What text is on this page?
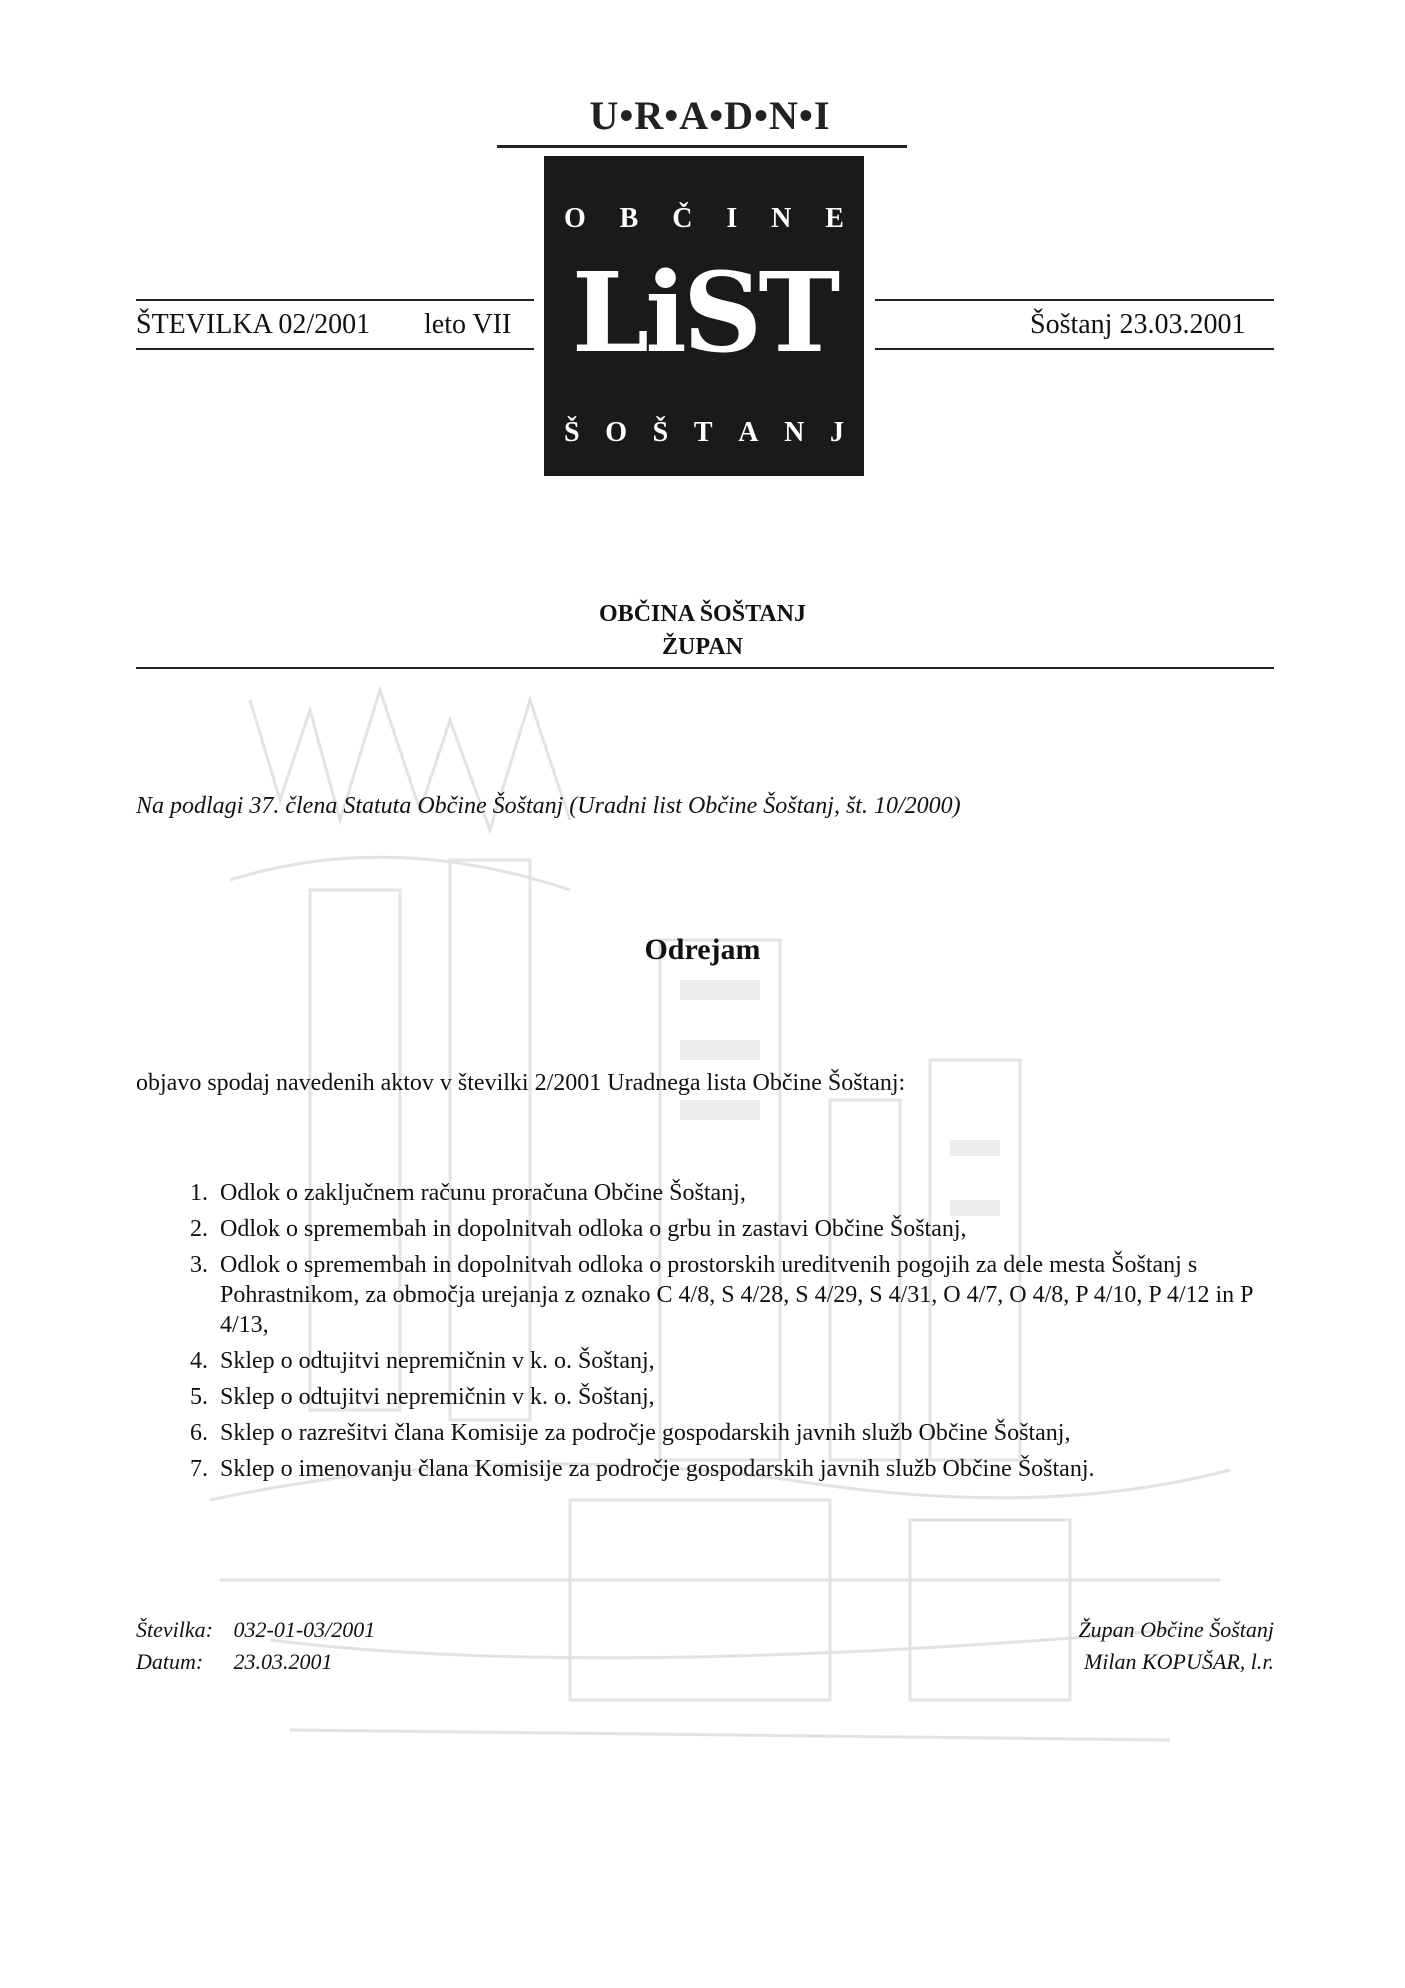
U•R•A•D•N•I
O B Č I N E
LiST
Š O Š T A N J
ŠTEVILKA 02/2001 leto VII	Šoštanj 23.03.2001
OBČINA ŠOŠTANJ
ŽUPAN
Na podlagi 37. člena Statuta Občine Šoštanj (Uradni list Občine Šoštanj, št. 10/2000)
Odrejam
objavo spodaj navedenih aktov v številki 2/2001 Uradnega lista Občine Šoštanj:
1. Odlok o zaključnem računu proračuna Občine Šoštanj,
2. Odlok o spremembah in dopolnitvah odloka o grbu in zastavi Občine Šoštanj,
3. Odlok o spremembah in dopolnitvah odloka o prostorskih ureditvenih pogojih za dele mesta Šoštanj s Pohrastnikom, za območja urejanja z oznako C 4/8, S 4/28, S 4/29, S 4/31, O 4/7, O 4/8, P 4/10, P 4/12 in P 4/13,
4. Sklep o odtujitvi nepremičnin v k. o. Šoštanj,
5. Sklep o odtujitvi nepremičnin v k. o. Šoštanj,
6. Sklep o razrešitvi člana Komisije za področje gospodarskih javnih služb Občine Šoštanj,
7. Sklep o imenovanju člana Komisije za področje gospodarskih javnih služb Občine Šoštanj.
Številka: 032-01-03/2001
Datum: 23.03.2001
Župan Občine Šoštanj
Milan KOPUŠAR, l.r.
